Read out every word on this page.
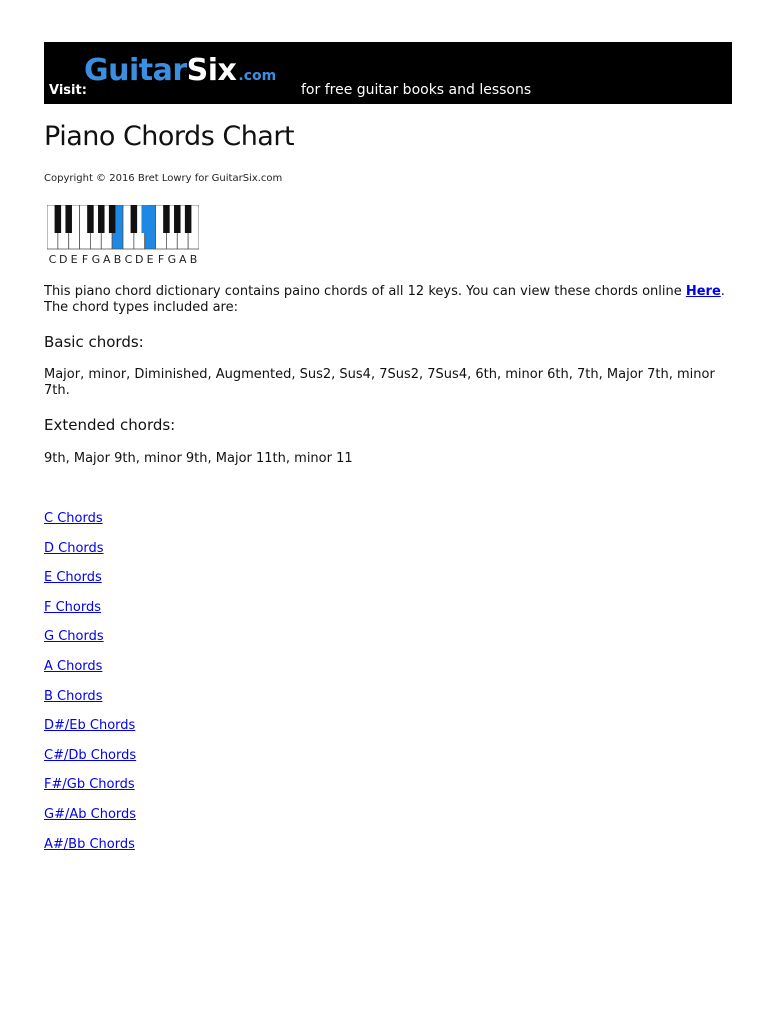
Visit:
Guitar Six .com
for free guitar books and lessons
Piano Chords Chart
Copyright © 2016 Bret Lowry for GuitarSix.com
C D E F G A B C D E F G A B
This piano chord dictionary contains paino chords of all 12 keys. You can view these chords online Here.
The chord types included are:
Basic chords:
Major, minor, Diminished, Augmented, Sus2, Sus4, 7Sus2, 7Sus4, 6th, minor 6th, 7th, Major 7th, minor 7th.
Extended chords:
9th, Major 9th, minor 9th, Major 11th, minor 11
C Chords
D Chords
E Chords
F Chords
G Chords
A Chords
B Chords
D#/Eb Chords
C#/Db Chords
F#/Gb Chords
G#/Ab Chords
A#/Bb Chords
